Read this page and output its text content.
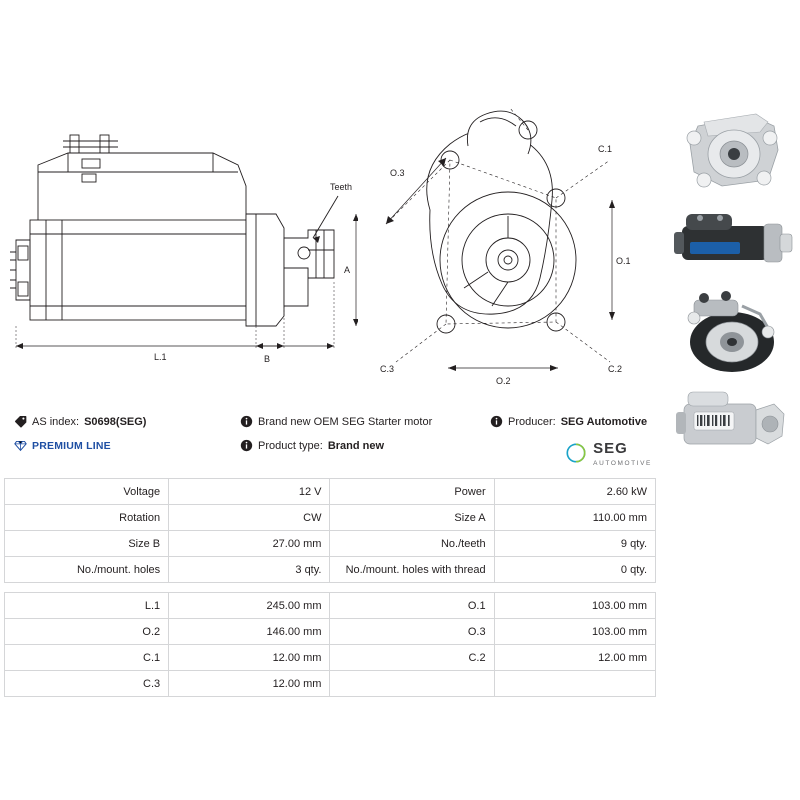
Teeth
A
L.1	B
O.3
O.1
O.2
C.1
C.3	C.2
AS index: S0698(SEG)	Brand new OEM SEG Starter motor	Producer: SEG Automotive
PREMIUM LINE	Product type: Brand new	SEG
AUTOMOTIVE
Voltage	12 V	Power	2.60 kW
Rotation	CW	Size A	110.00 mm
Size B	27.00 mm	No./teeth	9 qty.
No./mount. holes	3 qty.	No./mount. holes with thread	0 qty.

L.1	245.00 mm	O.1	103.00 mm
O.2	146.00 mm	O.3	103.00 mm
C.1	12.00 mm	C.2	12.00 mm
C.3	12.00 mm		
